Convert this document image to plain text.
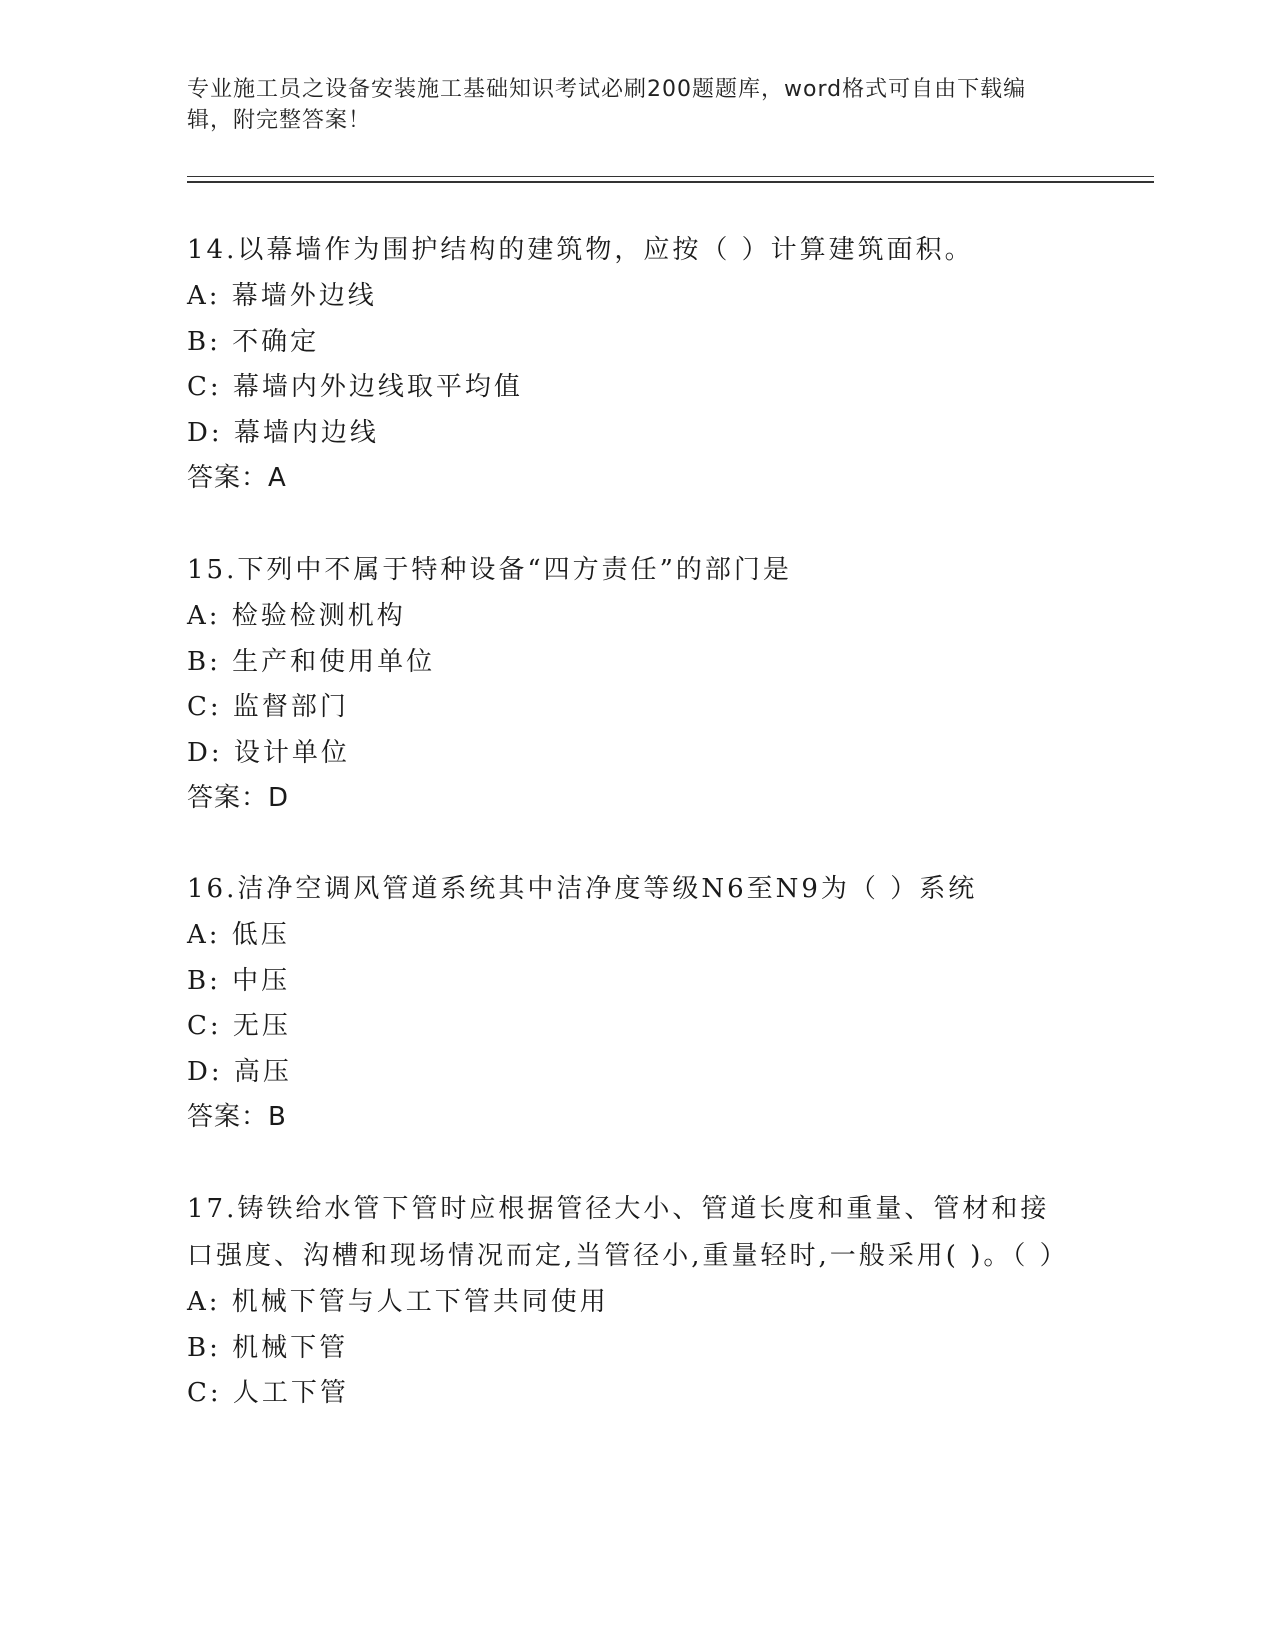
专业施工员之设备安装施工基础知识考试必刷200题题库，word格式可自由下载编辑，附完整答案！

14.以幕墙作为围护结构的建筑物，应按（ ）计算建筑面积。

A: 幕墙外边线

B: 不确定

C: 幕墙内外边线取平均值

D: 幕墙内边线

答案：A

15.下列中不属于特种设备“四方责任”的部门是

A: 检验检测机构

B: 生产和使用单位

C: 监督部门

D: 设计单位

答案：D

16.洁净空调风管道系统其中洁净度等级N6至N9为（ ）系统

A: 低压

B: 中压

C: 无压

D: 高压

答案：B

17.铸铁给水管下管时应根据管径大小、管道长度和重量、管材和接口强度、沟槽和现场情况而定,当管径小,重量轻时,一般采用( )。（ ）

A: 机械下管与人工下管共同使用

B: 机械下管

C: 人工下管
